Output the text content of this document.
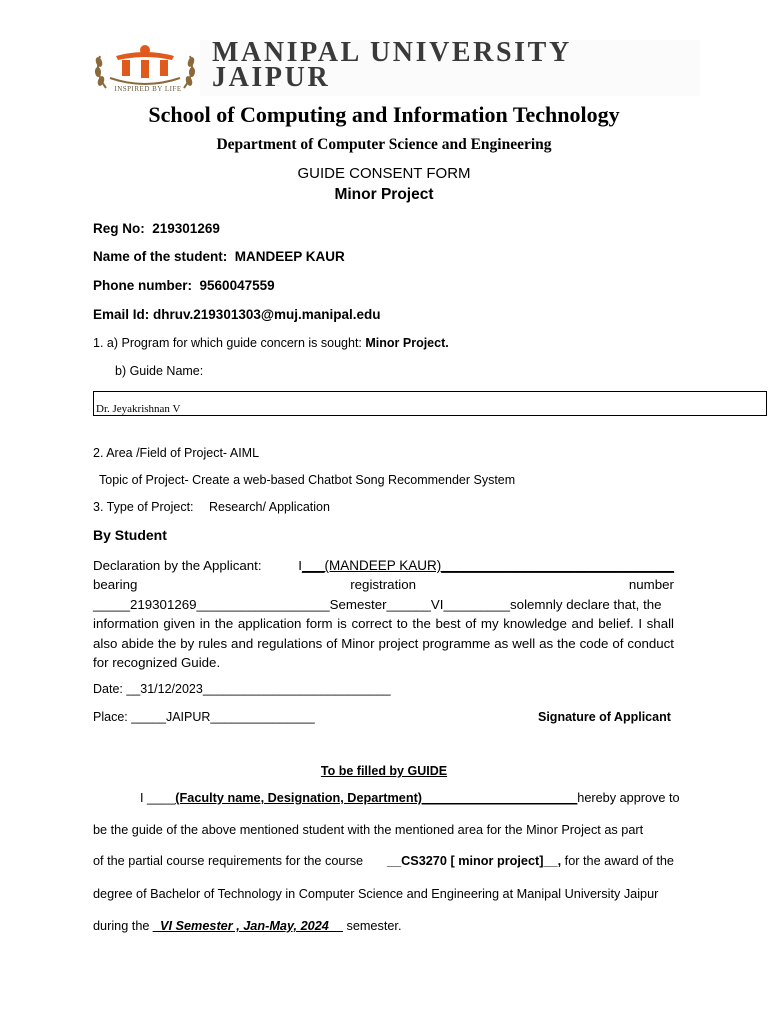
INSPIRED BY LIFE
MANIPAL UNIVERSITY
JAIPUR
School of Computing and Information Technology
Department of Computer Science and Engineering
GUIDE CONSENT FORM
Minor Project
Reg No: 219301269
Name of the student: MANDEEP KAUR
Phone number: 9560047559
Email Id: dhruv.219301303@muj.manipal.edu
1. a) Program for which guide concern is sought: Minor Project.
b) Guide Name:
Dr. Jeyakrishnan V
2. Area /Field of Project- AIML
Topic of Project- Create a web-based Chatbot Song Recommender System
3. Type of Project: Research/ Application
By Student
Declaration by the Applicant:	I___(MANDEEP KAUR)_______________________________
bearing	registration	number
_____219301269__________________Semester______VI_________solemnly declare that, the
information given in the application form is correct to the best of my knowledge and belief. I shall also abide the by rules and regulations of Minor project programme as well as the code of conduct for recognized Guide.
Date: __31/12/2023___________________________
Place: _____JAIPUR_______________	Signature of Applicant
To be filled by GUIDE
I ____(Faculty name, Designation, Department)______________________ hereby approve to
be the guide of the above mentioned student with the mentioned area for the Minor Project as part
of the partial course requirements for the course __CS3270 [ minor project]__, for the award of the
degree of Bachelor of Technology in Computer Science and Engineering at Manipal University Jaipur
during the _VI Semester , Jan-May, 2024__ semester.
